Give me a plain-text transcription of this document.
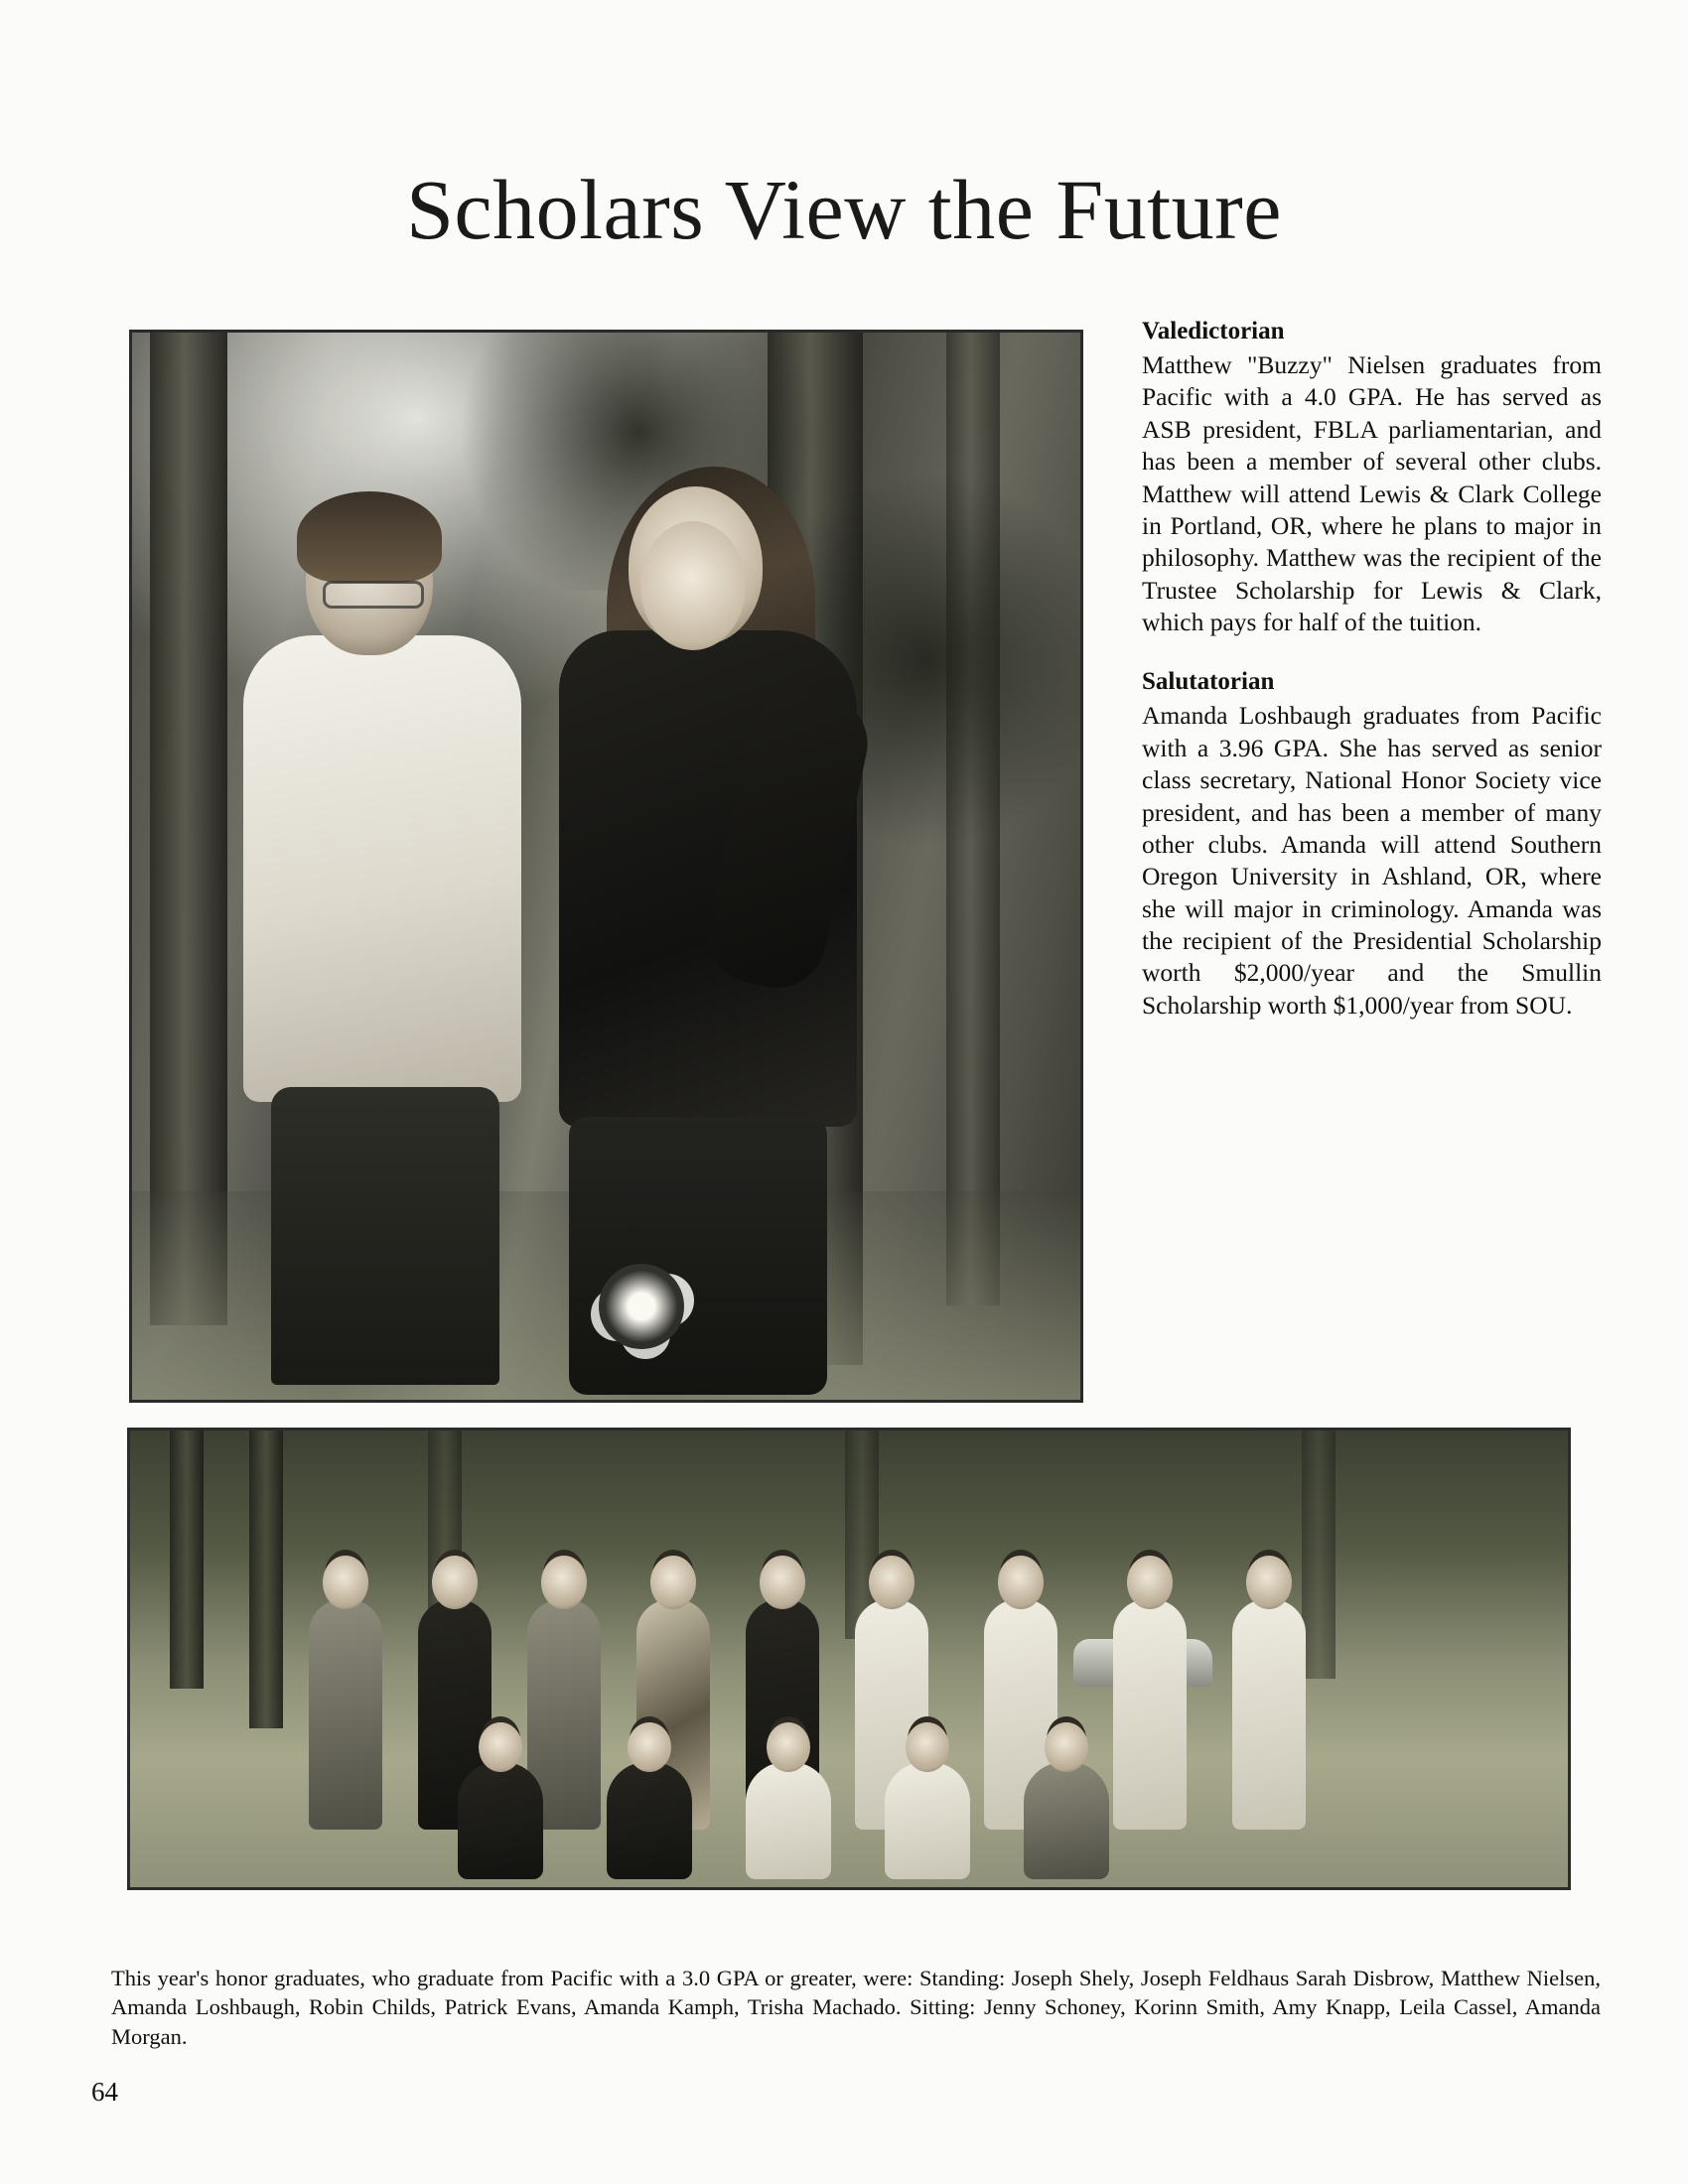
Scholars View the Future
Valedictorian

Matthew "Buzzy" Nielsen graduates from Pacific with a 4.0 GPA. He has served as ASB president, FBLA parliamentarian, and has been a member of several other clubs. Matthew will attend Lewis & Clark College in Portland, OR, where he plans to major in philosophy. Matthew was the recipient of the Trustee Scholarship for Lewis & Clark, which pays for half of the tuition.

Salutatorian

Amanda Loshbaugh graduates from Pacific with a 3.96 GPA. She has served as senior class secretary, National Honor Society vice president, and has been a member of many other clubs. Amanda will attend Southern Oregon University in Ashland, OR, where she will major in criminology. Amanda was the recipient of the Presidential Scholarship worth $2,000/year and the Smullin Scholarship worth $1,000/year from SOU.

This year's honor graduates, who graduate from Pacific with a 3.0 GPA or greater, were: Standing: Joseph Shely, Joseph Feldhaus Sarah Disbrow, Matthew Nielsen, Amanda Loshbaugh, Robin Childs, Patrick Evans, Amanda Kamph, Trisha Machado. Sitting: Jenny Schoney, Korinn Smith, Amy Knapp, Leila Cassel, Amanda Morgan.

64
